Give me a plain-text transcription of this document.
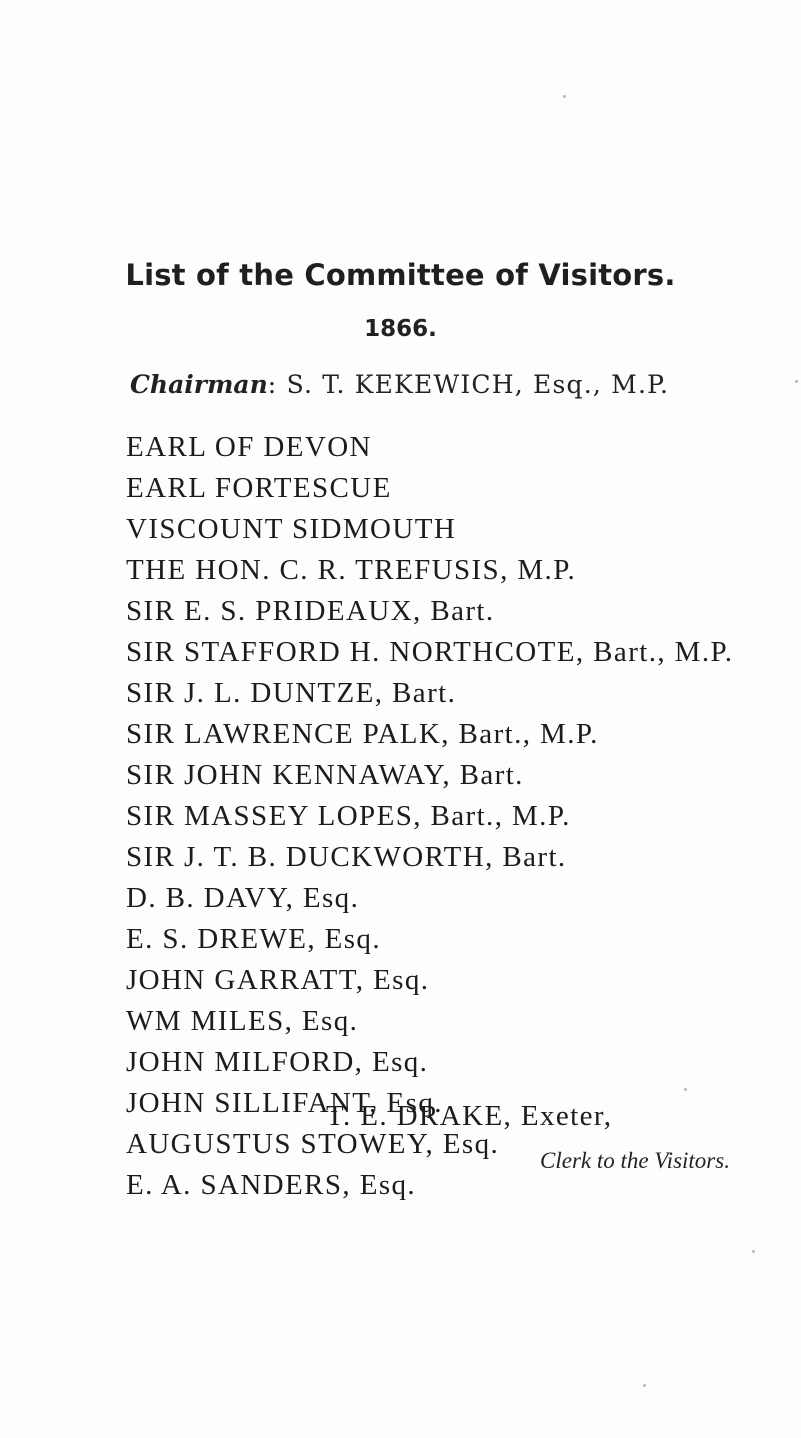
List of the Committee of Visitors.
1866.
Chairman: S. T. KEKEWICH, Esq., M.P.
EARL OF DEVON
EARL FORTESCUE
VISCOUNT SIDMOUTH
THE HON. C. R. TREFUSIS, M.P.
SIR E. S. PRIDEAUX, Bart.
SIR STAFFORD H. NORTHCOTE, Bart., M.P.
SIR J. L. DUNTZE, Bart.
SIR LAWRENCE PALK, Bart., M.P.
SIR JOHN KENNAWAY, Bart.
SIR MASSEY LOPES, Bart., M.P.
SIR J. T. B. DUCKWORTH, Bart.
D. B. DAVY, Esq.
E. S. DREWE, Esq.
JOHN GARRATT, Esq.
WM MILES, Esq.
JOHN MILFORD, Esq.
JOHN SILLIFANT, Esq.
AUGUSTUS STOWEY, Esq.
E. A. SANDERS, Esq.
T. E. DRAKE, Exeter,
Clerk to the Visitors.
